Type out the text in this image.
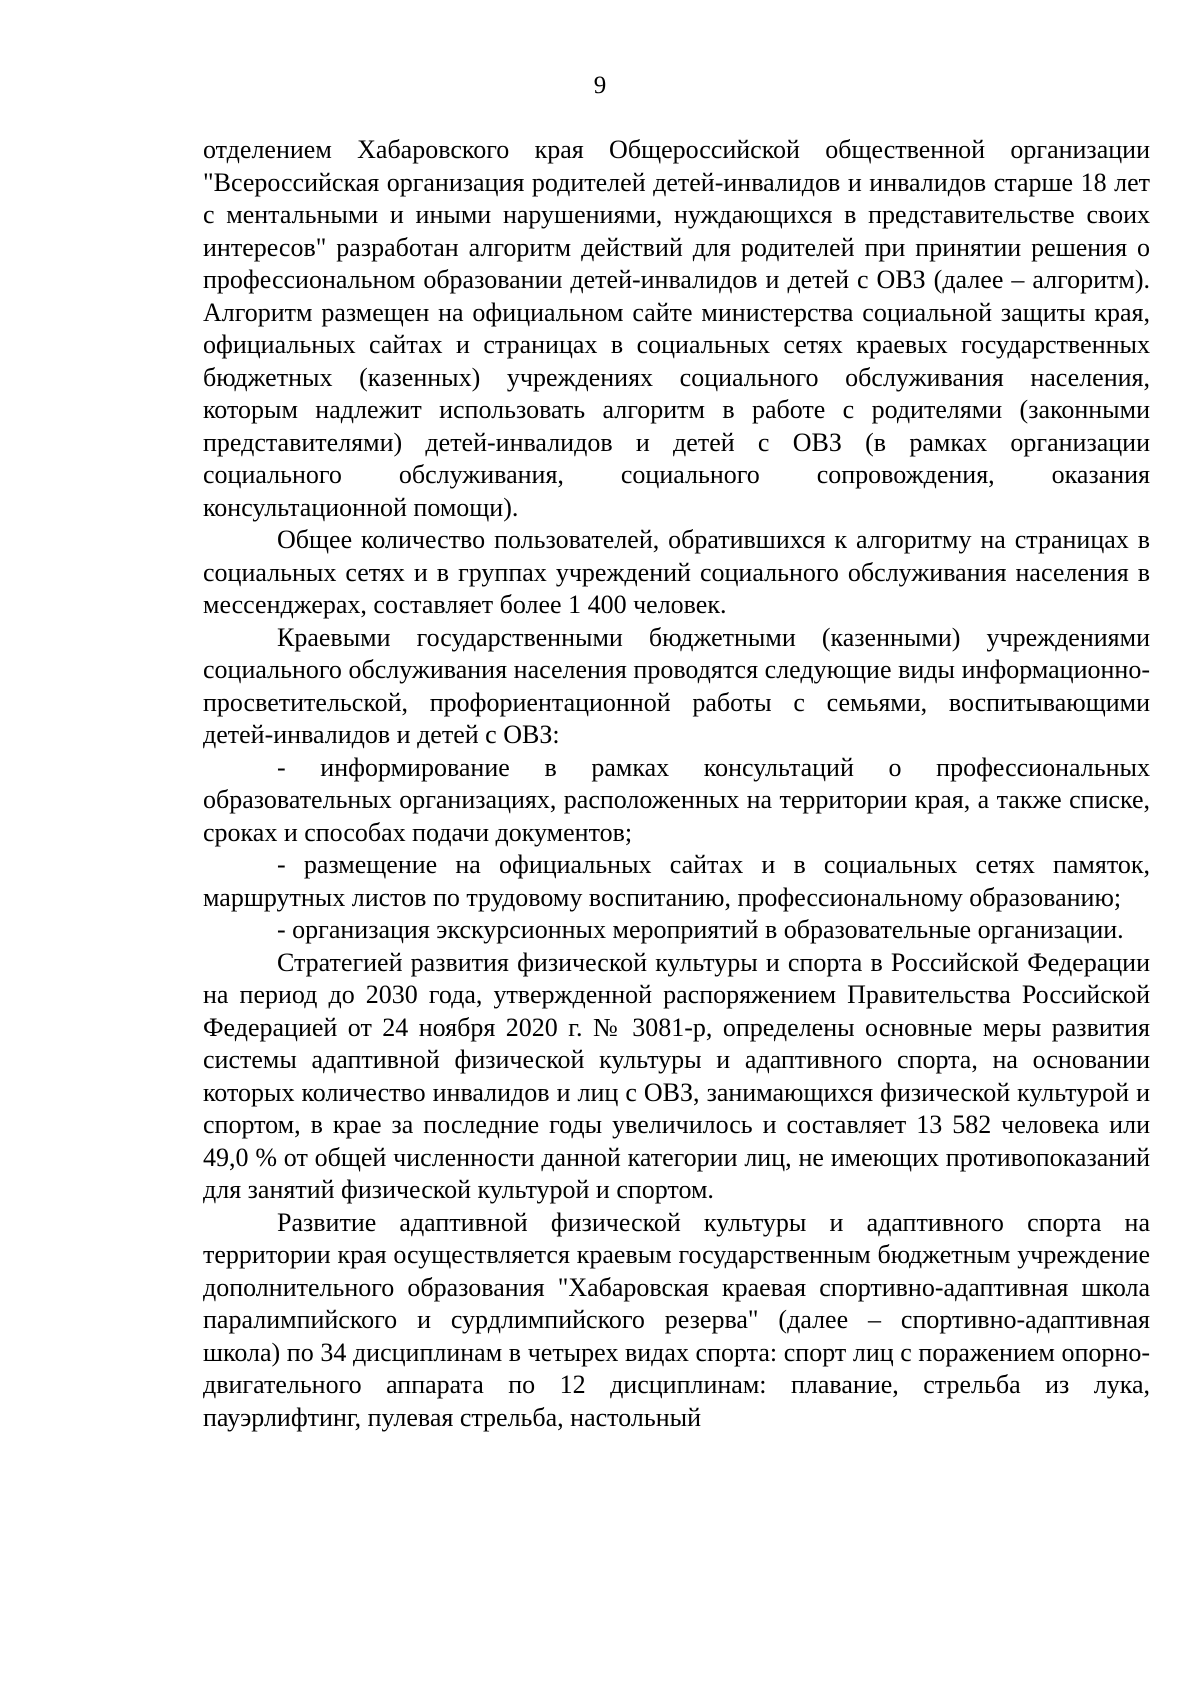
9

отделением Хабаровского края Общероссийской общественной организации "Всероссийская организация родителей детей-инвалидов и инвалидов старше 18 лет с ментальными и иными нарушениями, нуждающихся в представительстве своих интересов" разработан алгоритм действий для родителей при принятии решения о профессиональном образовании детей-инвалидов и детей с ОВЗ (далее – алгоритм). Алгоритм размещен на официальном сайте министерства социальной защиты края, официальных сайтах и страницах в социальных сетях краевых государственных бюджетных (казенных) учреждениях социального обслуживания населения, которым надлежит использовать алгоритм в работе с родителями (законными представителями) детей-инвалидов и детей с ОВЗ (в рамках организации социального обслуживания, социального сопровождения, оказания консультационной помощи).

Общее количество пользователей, обратившихся к алгоритму на страницах в социальных сетях и в группах учреждений социального обслуживания населения в мессенджерах, составляет более 1 400 человек.

Краевыми государственными бюджетными (казенными) учреждениями социального обслуживания населения проводятся следующие виды информационно-просветительской, профориентационной работы с семьями, воспитывающими детей-инвалидов и детей с ОВЗ:

- информирование в рамках консультаций о профессиональных образовательных организациях, расположенных на территории края, а также списке, сроках и способах подачи документов;

- размещение на официальных сайтах и в социальных сетях памяток, маршрутных листов по трудовому воспитанию, профессиональному образованию;

- организация экскурсионных мероприятий в образовательные организации.

Стратегией развития физической культуры и спорта в Российской Федерации на период до 2030 года, утвержденной распоряжением Правительства Российской Федерацией от 24 ноября 2020 г. № 3081-р, определены основные меры развития системы адаптивной физической культуры и адаптивного спорта, на основании которых количество инвалидов и лиц с ОВЗ, занимающихся физической культурой и спортом, в крае за последние годы увеличилось и составляет 13 582 человека или 49,0 % от общей численности данной категории лиц, не имеющих противопоказаний для занятий физической культурой и спортом.

Развитие адаптивной физической культуры и адаптивного спорта на территории края осуществляется краевым государственным бюджетным учреждение дополнительного образования "Хабаровская краевая спортивно-адаптивная школа паралимпийского и сурдлимпийского резерва" (далее – спортивно-адаптивная школа) по 34 дисциплинам в четырех видах спорта: спорт лиц с поражением опорно-двигательного аппарата по 12 дисциплинам: плавание, стрельба из лука, пауэрлифтинг, пулевая стрельба, настольный
